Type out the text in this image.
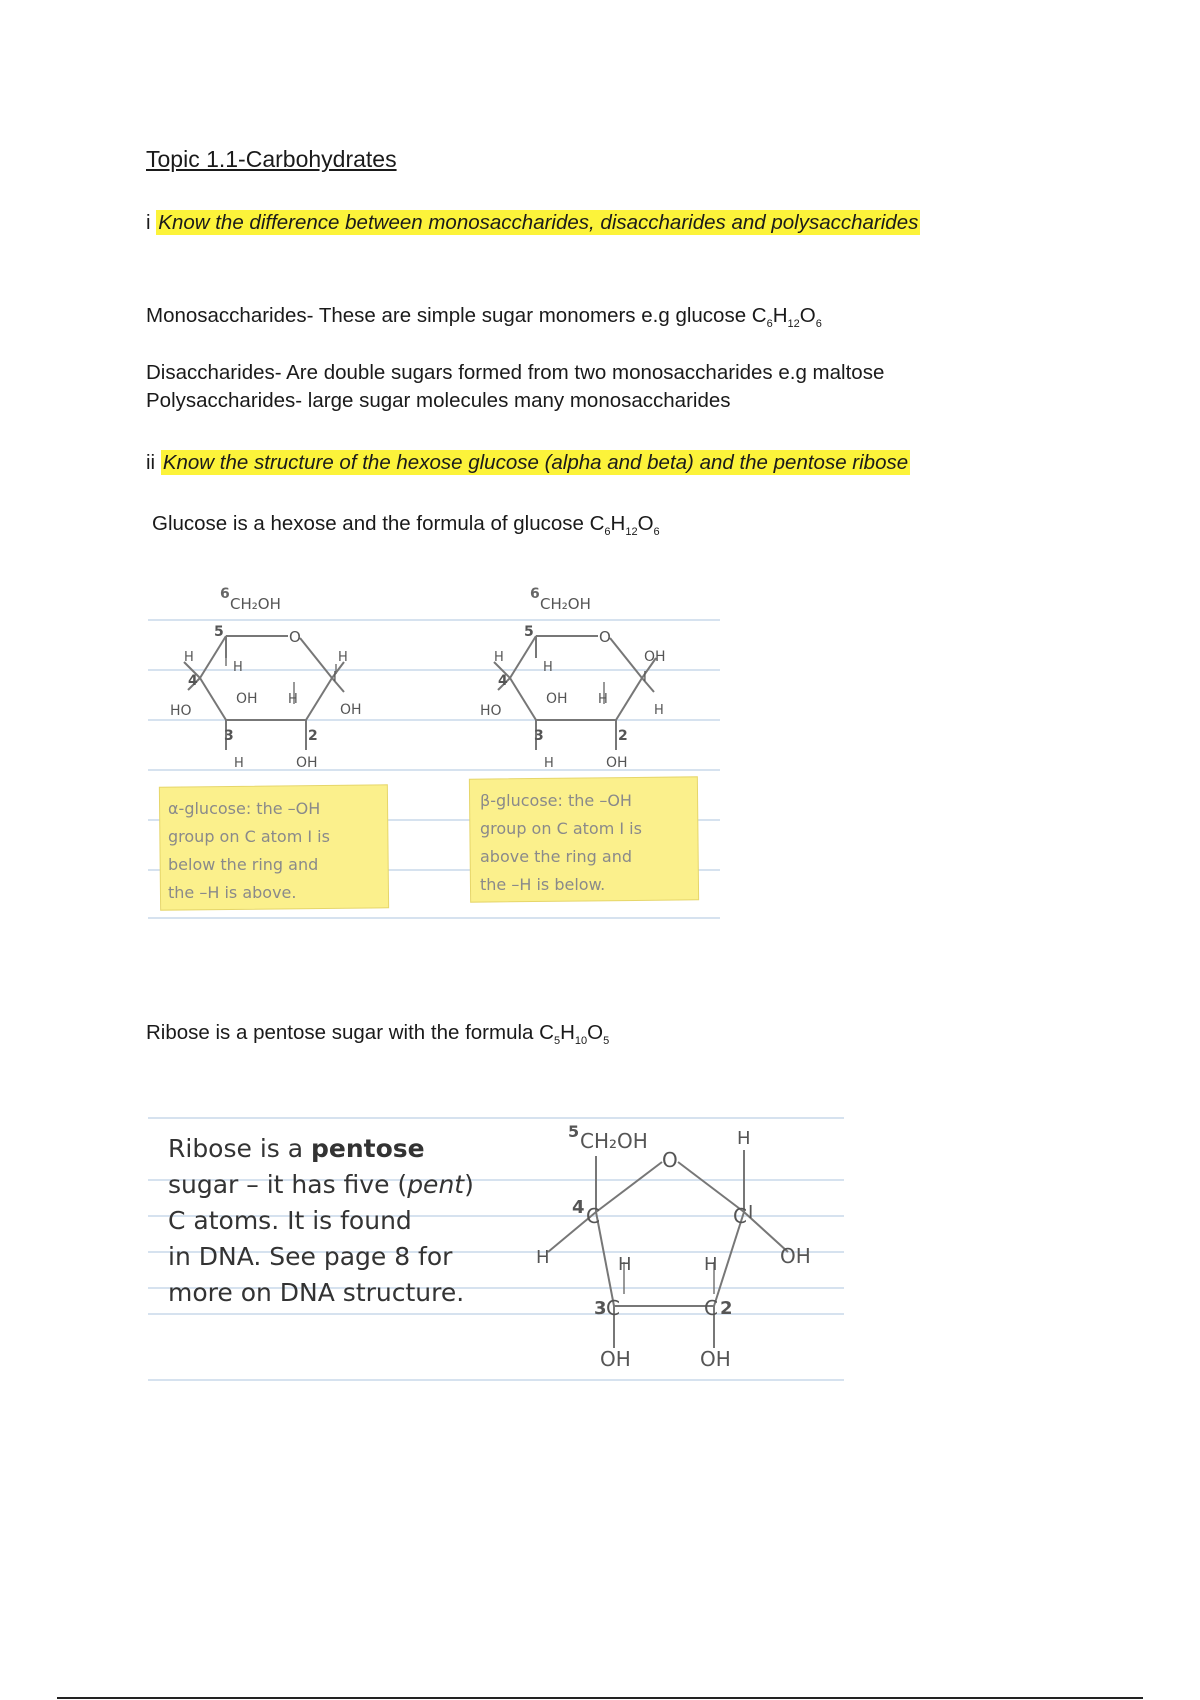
Topic 1.1-Carbohydrates
i Know the difference between monosaccharides, disaccharides and polysaccharides
Monosaccharides- These are simple sugar monomers e.g glucose $C_6H_{12}O_6$
Disaccharides- Are double sugars formed from two monosaccharides e.g maltose
Polysaccharides- large sugar molecules many monosaccharides
ii Know the structure of the hexose glucose (alpha and beta) and the pentose ribose
Glucose is a hexose and the formula of glucose $C_6H_{12}O_6$
6
CH₂OH
5	O
H
H
H
4	I
OH H
HO	OH
3	2
H	OH
α-glucose: the –OH
group on C atom I is
below the ring and
the –H is above.
6
CH₂OH
5	O
H
H
OH
4	I
OH H
HO	H
3	2
H	OH
β-glucose: the –OH
group on C atom I is
above the ring and
the –H is below.
Ribose is a pentose sugar with the formula $C_5H_{10}O_5$
Ribose is a pentose
sugar – it has five (pent)
C atoms. It is found
in DNA. See page 8 for
more on DNA structure.
5 CH₂OH
O
H
4 C	C I
H	OH
H	H
3 C	C 2
OH	OH
